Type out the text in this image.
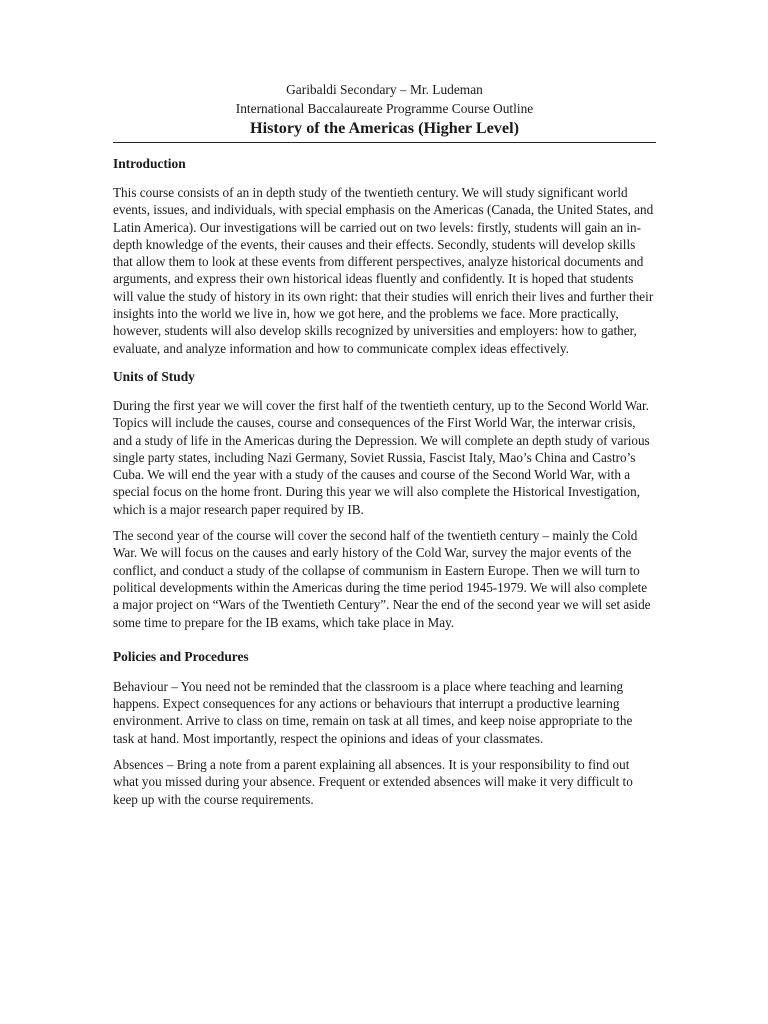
Garibaldi Secondary – Mr. Ludeman
International Baccalaureate Programme Course Outline
History of the Americas (Higher Level)
Introduction

This course consists of an in depth study of the twentieth century. We will study significant world events, issues, and individuals, with special emphasis on the Americas (Canada, the United States, and Latin America). Our investigations will be carried out on two levels: firstly, students will gain an in-depth knowledge of the events, their causes and their effects. Secondly, students will develop skills that allow them to look at these events from different perspectives, analyze historical documents and arguments, and express their own historical ideas fluently and confidently. It is hoped that students will value the study of history in its own right: that their studies will enrich their lives and further their insights into the world we live in, how we got here, and the problems we face. More practically, however, students will also develop skills recognized by universities and employers: how to gather, evaluate, and analyze information and how to communicate complex ideas effectively.

Units of Study

During the first year we will cover the first half of the twentieth century, up to the Second World War. Topics will include the causes, course and consequences of the First World War, the interwar crisis, and a study of life in the Americas during the Depression. We will complete an depth study of various single party states, including Nazi Germany, Soviet Russia, Fascist Italy, Mao’s China and Castro’s Cuba. We will end the year with a study of the causes and course of the Second World War, with a special focus on the home front. During this year we will also complete the Historical Investigation, which is a major research paper required by IB.

The second year of the course will cover the second half of the twentieth century – mainly the Cold War. We will focus on the causes and early history of the Cold War, survey the major events of the conflict, and conduct a study of the collapse of communism in Eastern Europe. Then we will turn to political developments within the Americas during the time period 1945-1979. We will also complete a major project on “Wars of the Twentieth Century”. Near the end of the second year we will set aside some time to prepare for the IB exams, which take place in May.

Policies and Procedures

Behaviour – You need not be reminded that the classroom is a place where teaching and learning happens. Expect consequences for any actions or behaviours that interrupt a productive learning environment. Arrive to class on time, remain on task at all times, and keep noise appropriate to the task at hand. Most importantly, respect the opinions and ideas of your classmates.

Absences – Bring a note from a parent explaining all absences. It is your responsibility to find out what you missed during your absence. Frequent or extended absences will make it very difficult to keep up with the course requirements.
